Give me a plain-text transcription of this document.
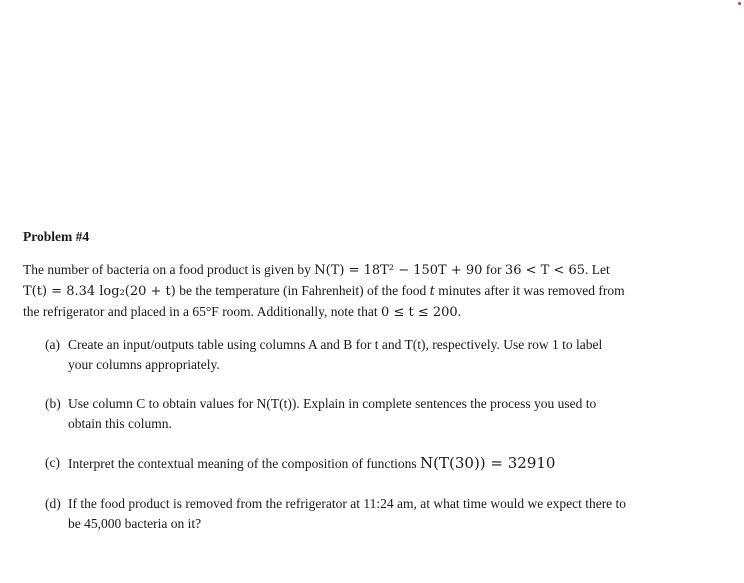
Problem #4

The number of bacteria on a food product is given by N(T) = 18T² − 150T + 90 for 36 < T < 65. Let
T(t) = 8.34 log₂(20 + t) be the temperature (in Fahrenheit) of the food t minutes after it was removed from
the refrigerator and placed in a 65°F room. Additionally, note that 0 ≤ t ≤ 200.

(a) Create an input/outputs table using columns A and B for t and T(t), respectively. Use row 1 to label
your columns appropriately.
(b) Use column C to obtain values for N(T(t)). Explain in complete sentences the process you used to
obtain this column.
(c) Interpret the contextual meaning of the composition of functions N(T(30)) = 32910
(d) If the food product is removed from the refrigerator at 11:24 am, at what time would we expect there to
be 45,000 bacteria on it?
